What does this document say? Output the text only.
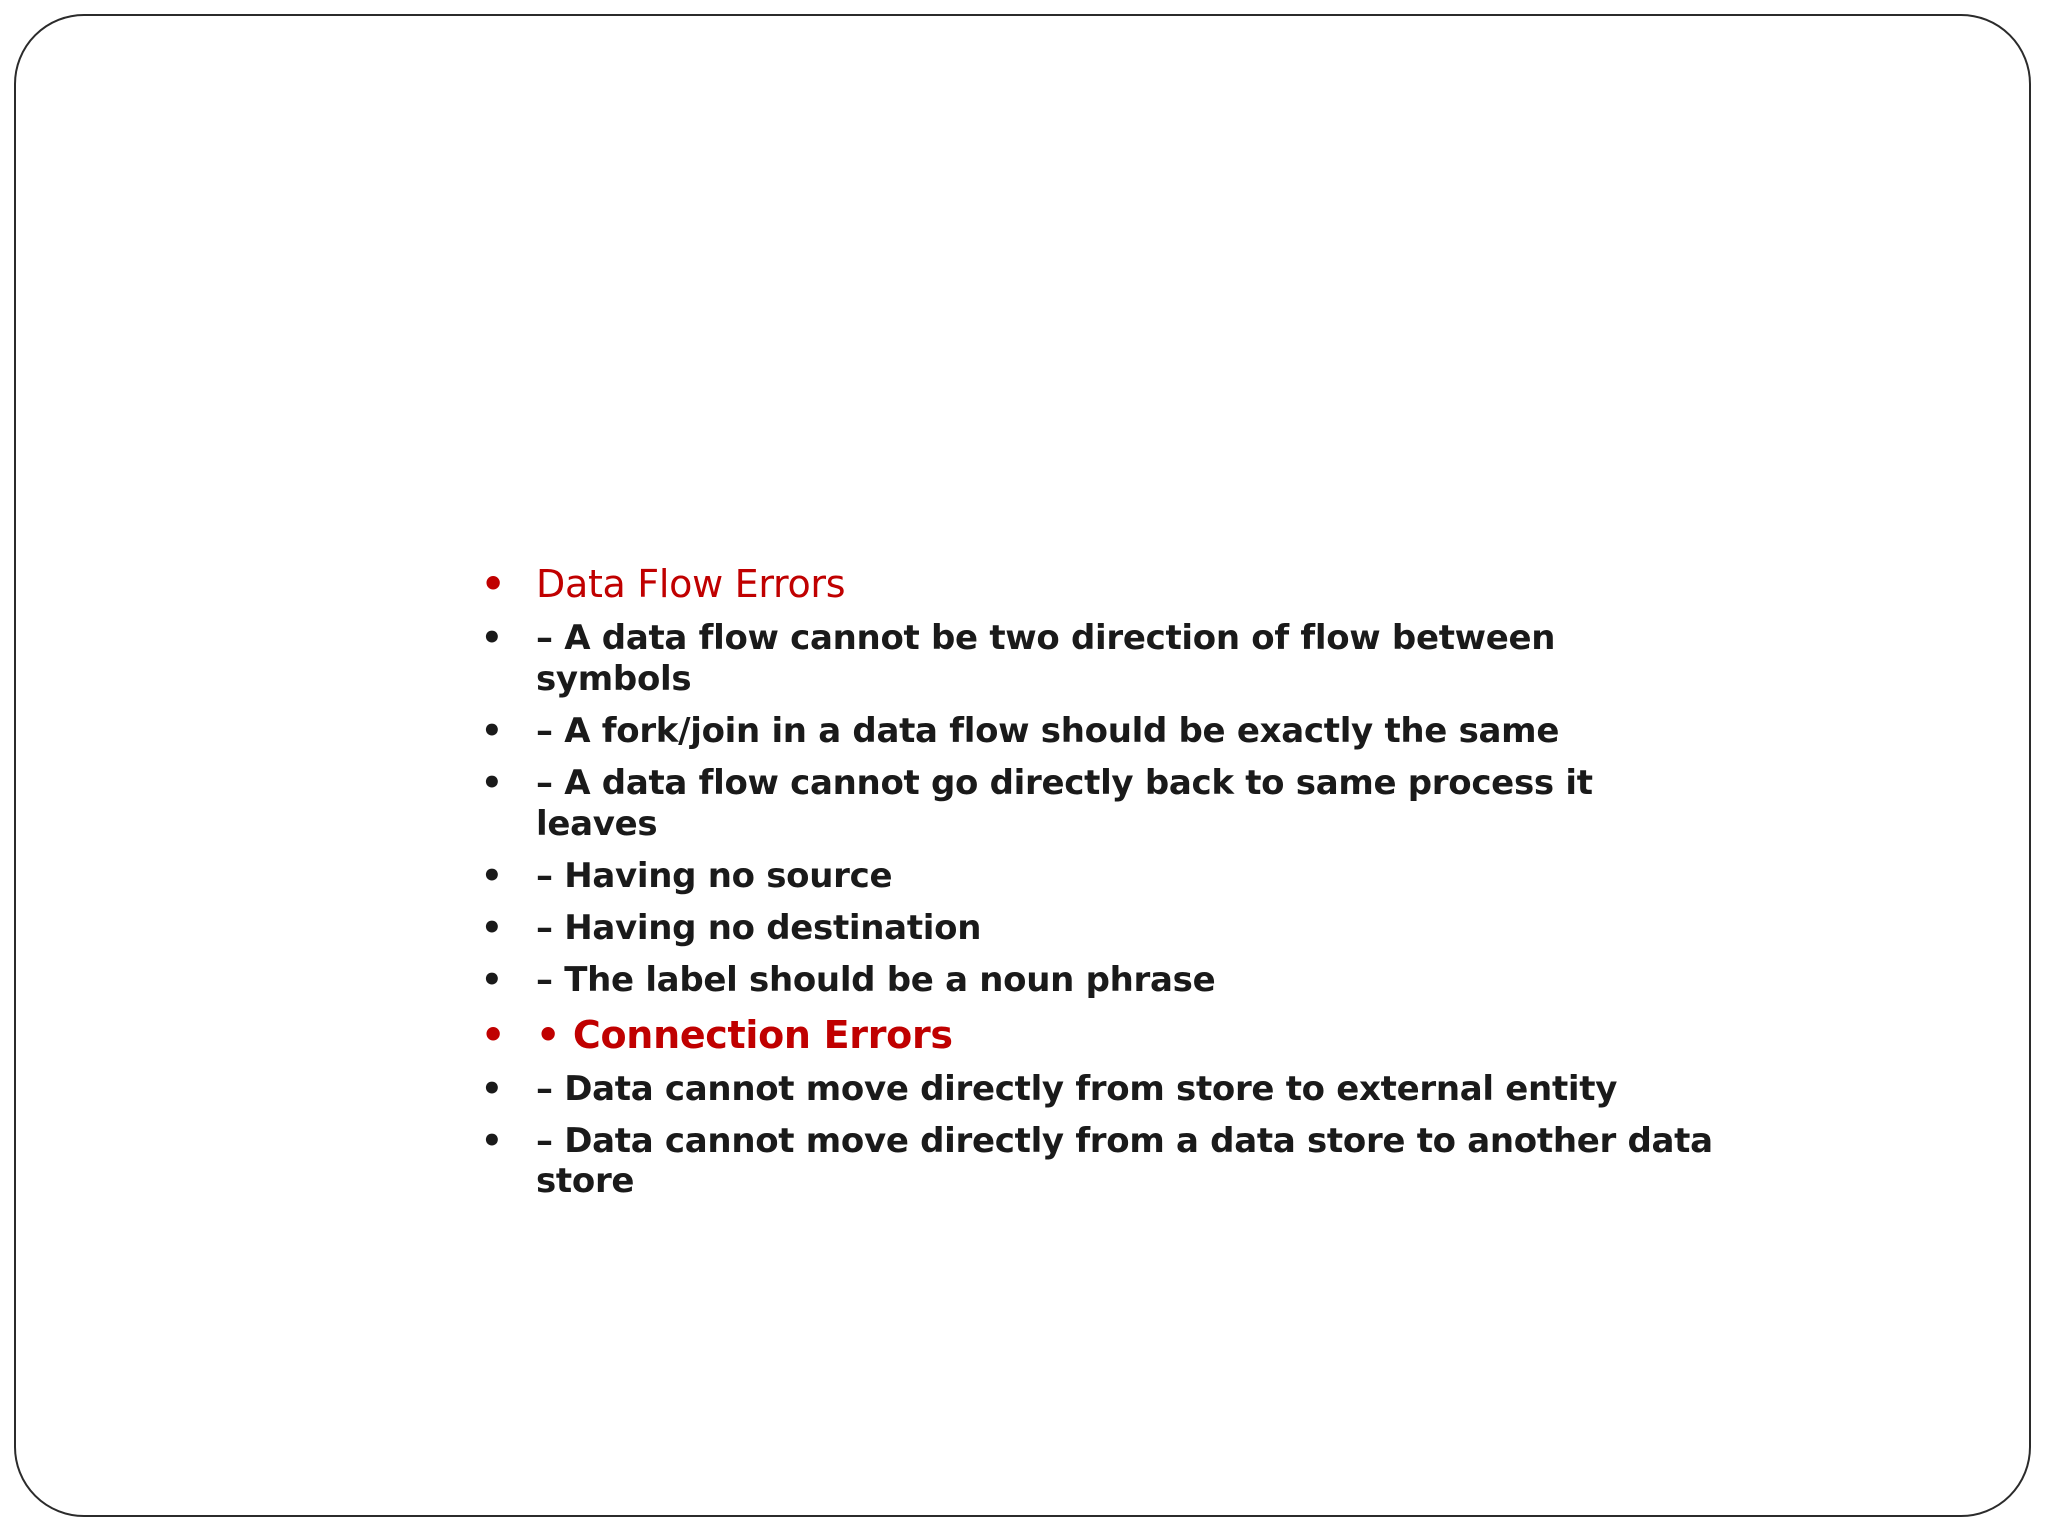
• Data Flow Errors
• – A data flow cannot be two direction of flow between symbols
• – A fork/join in a data flow should be exactly the same
• – A data flow cannot go directly back to same process it leaves
• – Having no source
• – Having no destination
• – The label should be a noun phrase
• • Connection Errors
• – Data cannot move directly from store to external entity
• – Data cannot move directly from a data store to another data store
